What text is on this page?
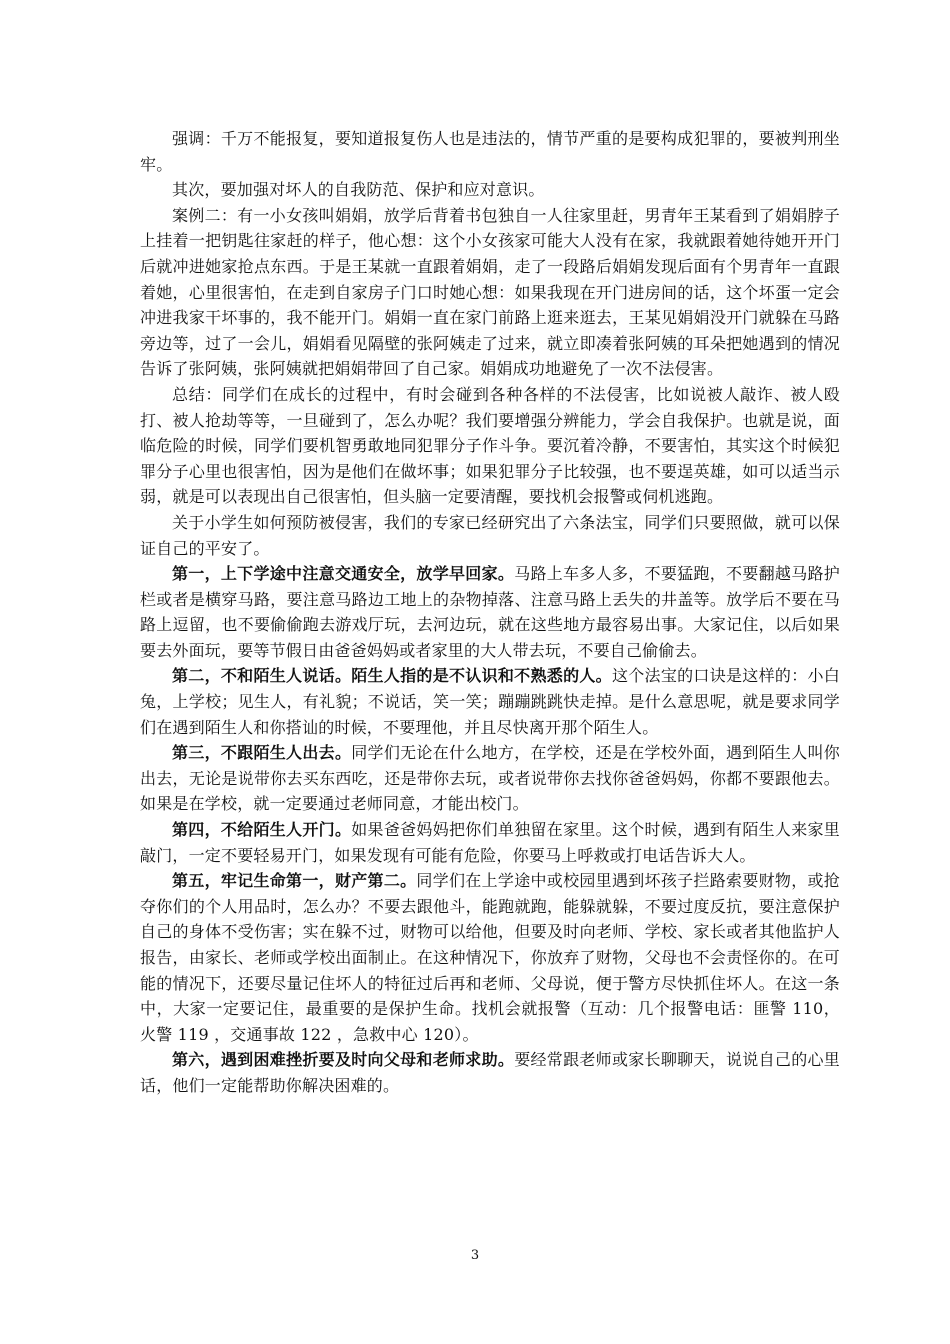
强调：千万不能报复，要知道报复伤人也是违法的，情节严重的是要构成犯罪的，要被判刑坐牢。

其次，要加强对坏人的自我防范、保护和应对意识。

案例二：有一小女孩叫娟娟，放学后背着书包独自一人往家里赶，男青年王某看到了娟娟脖子上挂着一把钥匙往家赶的样子，他心想：这个小女孩家可能大人没有在家，我就跟着她待她开开门后就冲进她家抢点东西。于是王某就一直跟着娟娟，走了一段路后娟娟发现后面有个男青年一直跟着她，心里很害怕，在走到自家房子门口时她心想：如果我现在开门进房间的话，这个坏蛋一定会冲进我家干坏事的，我不能开门。娟娟一直在家门前路上逛来逛去，王某见娟娟没开门就躲在马路旁边等，过了一会儿，娟娟看见隔壁的张阿姨走了过来，就立即凑着张阿姨的耳朵把她遇到的情况告诉了张阿姨，张阿姨就把娟娟带回了自己家。娟娟成功地避免了一次不法侵害。

总结：同学们在成长的过程中，有时会碰到各种各样的不法侵害，比如说被人敲诈、被人殴打、被人抢劫等等，一旦碰到了，怎么办呢？我们要增强分辨能力，学会自我保护。也就是说，面临危险的时候，同学们要机智勇敢地同犯罪分子作斗争。要沉着冷静，不要害怕，其实这个时候犯罪分子心里也很害怕，因为是他们在做坏事；如果犯罪分子比较强，也不要逞英雄，如可以适当示弱，就是可以表现出自己很害怕，但头脑一定要清醒，要找机会报警或伺机逃跑。

关于小学生如何预防被侵害，我们的专家已经研究出了六条法宝，同学们只要照做，就可以保证自己的平安了。

第一，上下学途中注意交通安全，放学早回家。马路上车多人多，不要猛跑，不要翻越马路护栏或者是横穿马路，要注意马路边工地上的杂物掉落、注意马路上丢失的井盖等。放学后不要在马路上逗留，也不要偷偷跑去游戏厅玩，去河边玩，就在这些地方最容易出事。大家记住，以后如果要去外面玩，要等节假日由爸爸妈妈或者家里的大人带去玩，不要自己偷偷去。

第二，不和陌生人说话。陌生人指的是不认识和不熟悉的人。这个法宝的口诀是这样的：小白兔，上学校；见生人，有礼貌；不说话，笑一笑；蹦蹦跳跳快走掉。是什么意思呢，就是要求同学们在遇到陌生人和你搭讪的时候，不要理他，并且尽快离开那个陌生人。

第三，不跟陌生人出去。同学们无论在什么地方，在学校，还是在学校外面，遇到陌生人叫你出去，无论是说带你去买东西吃，还是带你去玩，或者说带你去找你爸爸妈妈，你都不要跟他去。如果是在学校，就一定要通过老师同意，才能出校门。

第四，不给陌生人开门。如果爸爸妈妈把你们单独留在家里。这个时候，遇到有陌生人来家里敲门，一定不要轻易开门，如果发现有可能有危险，你要马上呼救或打电话告诉大人。

第五，牢记生命第一，财产第二。同学们在上学途中或校园里遇到坏孩子拦路索要财物，或抢夺你们的个人用品时，怎么办？不要去跟他斗，能跑就跑，能躲就躲，不要过度反抗，要注意保护自己的身体不受伤害；实在躲不过，财物可以给他，但要及时向老师、学校、家长或者其他监护人报告，由家长、老师或学校出面制止。在这种情况下，你放弃了财物，父母也不会责怪你的。在可能的情况下，还要尽量记住坏人的特征过后再和老师、父母说，便于警方尽快抓住坏人。在这一条中，大家一定要记住，最重要的是保护生命。找机会就报警（互动：几个报警电话：匪警 110，火警 119 ，交通事故 122 ，急救中心 120）。

第六，遇到困难挫折要及时向父母和老师求助。要经常跟老师或家长聊聊天，说说自己的心里话，他们一定能帮助你解决困难的。

3
